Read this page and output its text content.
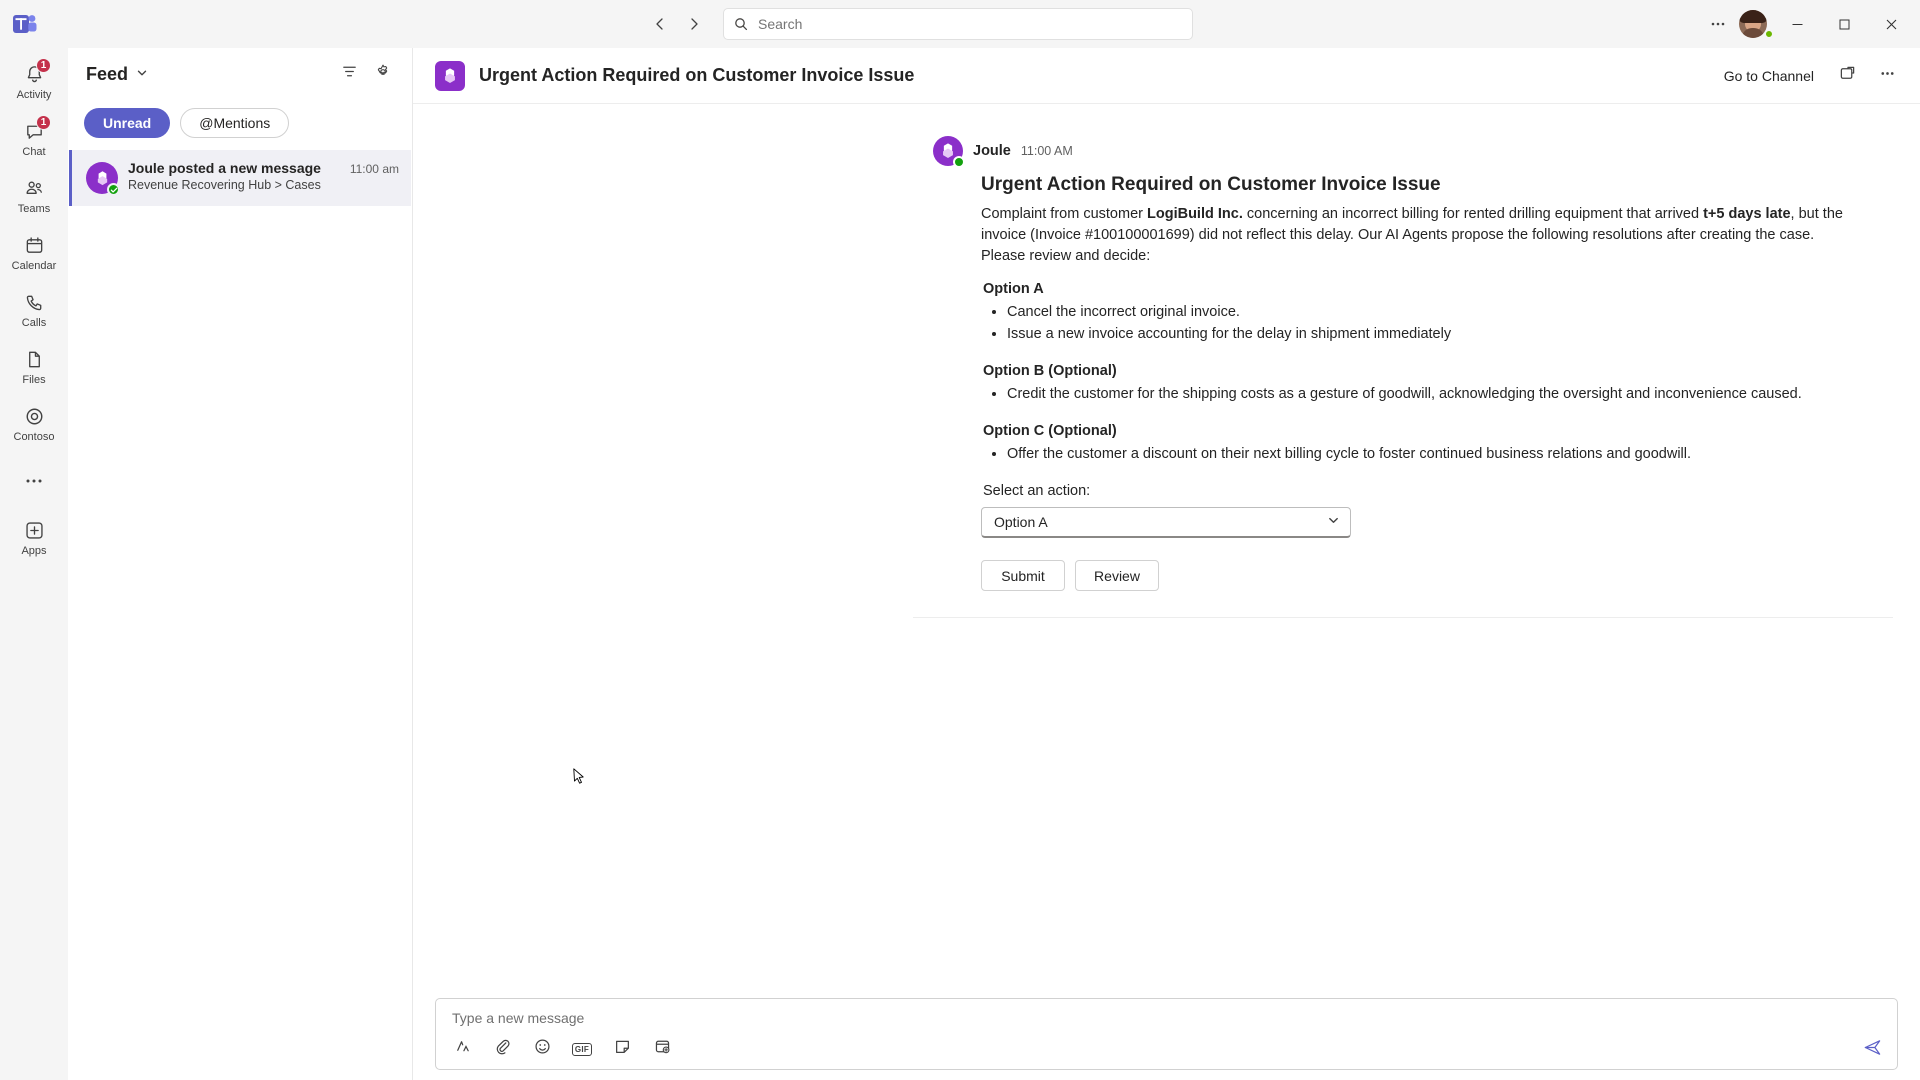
Search
1
Activity
1
Chat
Teams
Calendar
Calls
Files
Contoso
Apps
Feed
Unread	@Mentions
Joule posted a new message 11:00 am
Revenue Recovering Hub > Cases
Urgent Action Required on Customer Invoice Issue	Go to Channel
Joule 11:00 AM
Urgent Action Required on Customer Invoice Issue

Complaint from customer LogiBuild Inc. concerning an incorrect billing for rented drilling equipment that arrived t+5 days late, but the invoice (Invoice #100100001699) did not reflect this delay. Our AI Agents propose the following resolutions after creating the case. Please review and decide:

Option A
• Cancel the incorrect original invoice.
• Issue a new invoice accounting for the delay in shipment immediately
Option B (Optional)
• Credit the customer for the shipping costs as a gesture of goodwill, acknowledging the oversight and inconvenience caused.
Option C (Optional)
• Offer the customer a discount on their next billing cycle to foster continued business relations and goodwill.
Select an action:
Option A
Submit	Review
Type a new message
GIF
